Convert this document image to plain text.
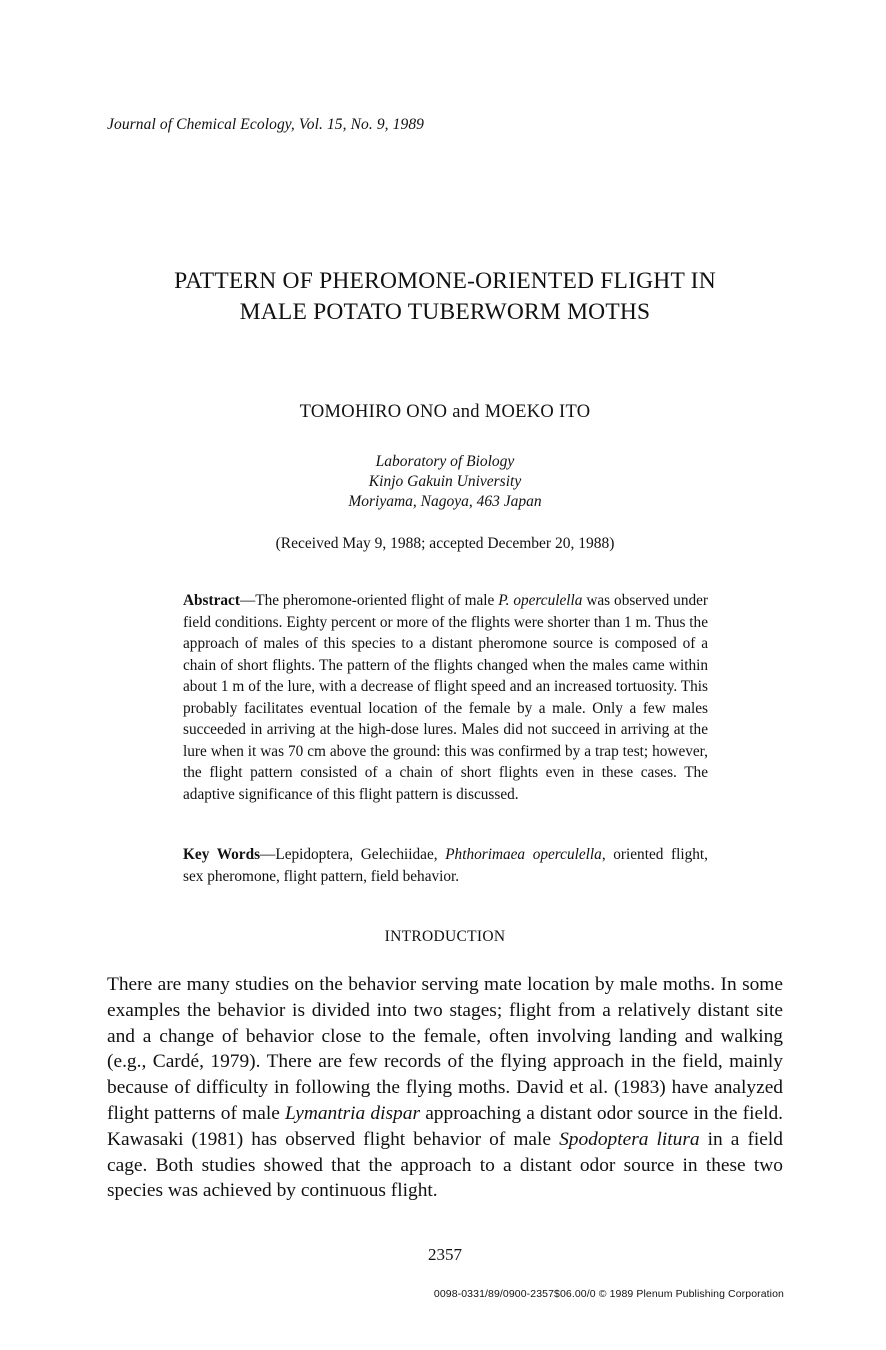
Journal of Chemical Ecology, Vol. 15, No. 9, 1989
PATTERN OF PHEROMONE-ORIENTED FLIGHT IN
MALE POTATO TUBERWORM MOTHS
TOMOHIRO ONO and MOEKO ITO
Laboratory of Biology
Kinjo Gakuin University
Moriyama, Nagoya, 463 Japan
(Received May 9, 1988; accepted December 20, 1988)
Abstract—The pheromone-oriented flight of male P. operculella was observed under field conditions. Eighty percent or more of the flights were shorter than 1 m. Thus the approach of males of this species to a distant pheromone source is composed of a chain of short flights. The pattern of the flights changed when the males came within about 1 m of the lure, with a decrease of flight speed and an increased tortuosity. This probably facilitates eventual location of the female by a male. Only a few males succeeded in arriving at the high-dose lures. Males did not succeed in arriving at the lure when it was 70 cm above the ground: this was confirmed by a trap test; however, the flight pattern consisted of a chain of short flights even in these cases. The adaptive significance of this flight pattern is discussed.
Key Words—Lepidoptera, Gelechiidae, Phthorimaea operculella, oriented flight, sex pheromone, flight pattern, field behavior.
INTRODUCTION
There are many studies on the behavior serving mate location by male moths. In some examples the behavior is divided into two stages; flight from a relatively distant site and a change of behavior close to the female, often involving landing and walking (e.g., Cardé, 1979). There are few records of the flying approach in the field, mainly because of difficulty in following the flying moths. David et al. (1983) have analyzed flight patterns of male Lymantria dispar approaching a distant odor source in the field. Kawasaki (1981) has observed flight behavior of male Spodoptera litura in a field cage. Both studies showed that the approach to a distant odor source in these two species was achieved by continuous flight.
2357
0098-0331/89/0900-2357$06.00/0 © 1989 Plenum Publishing Corporation
